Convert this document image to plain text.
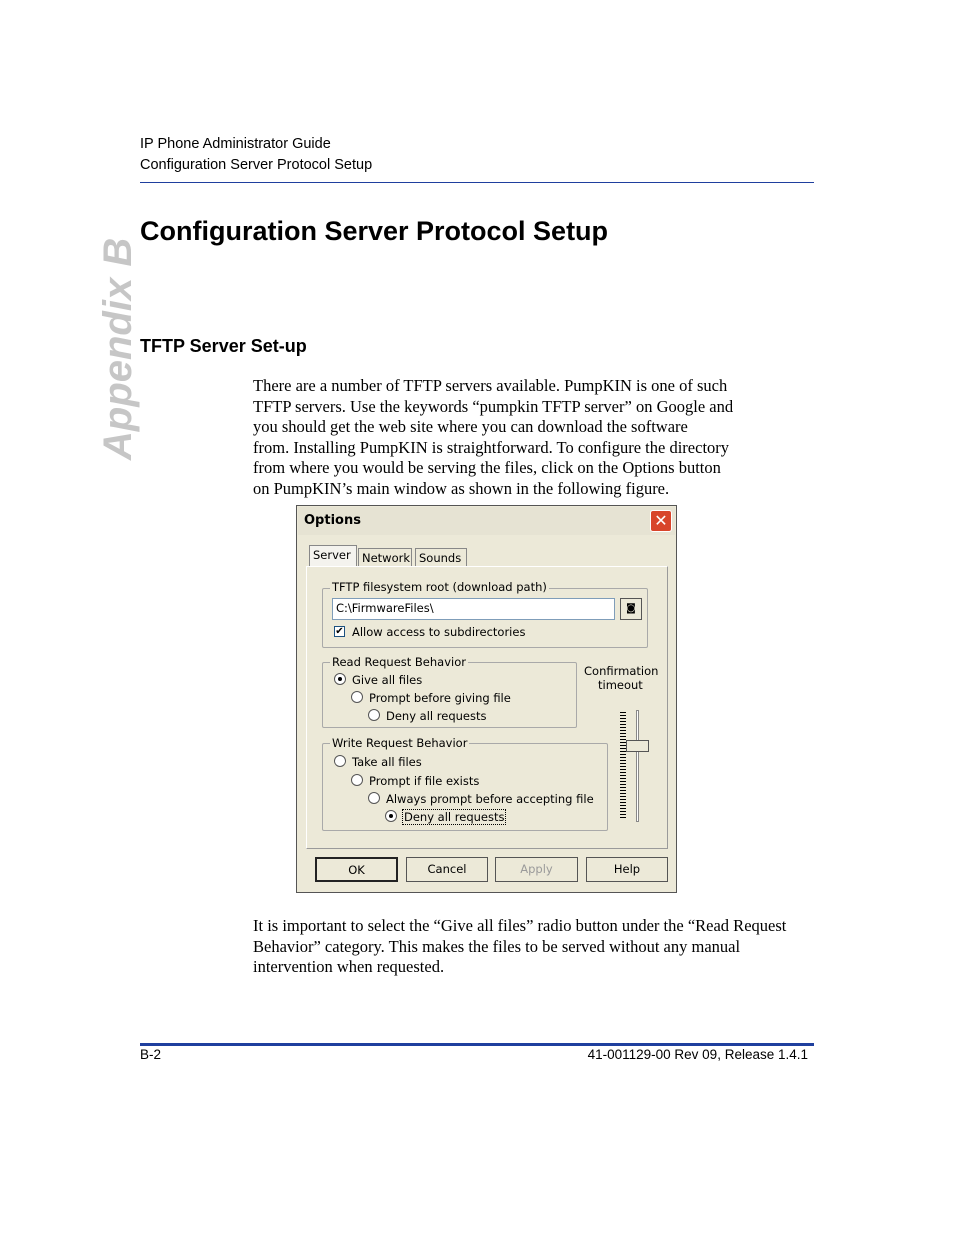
IP Phone Administrator Guide
Configuration Server Protocol Setup
Appendix B
Configuration Server Protocol Setup
TFTP Server Set-up
There are a number of TFTP servers available. PumpKIN is one of such
TFTP servers. Use the keywords “pumpkin TFTP server” on Google and
you should get the web site where you can download the software
from. Installing PumpKIN is straightforward. To configure the directory
from where you would be serving the files, click on the Options button
on PumpKIN’s main window as shown in the following figure.
Options	✕
Server Network Sounds
TFTP filesystem root (download path)
C:\FirmwareFiles\	◙
✔ Allow access to subdirectories
Read Request Behavior
Give all files
Prompt before giving file
Deny all requests
Confirmation
timeout
Write Request Behavior
Take all files
Prompt if file exists
Always prompt before accepting file
Deny all requests
OK	Cancel	Apply	Help
It is important to select the “Give all files” radio button under the “Read Request
Behavior” category. This makes the files to be served without any manual
intervention when requested.
B-2	41-001129-00 Rev 09, Release 1.4.1
